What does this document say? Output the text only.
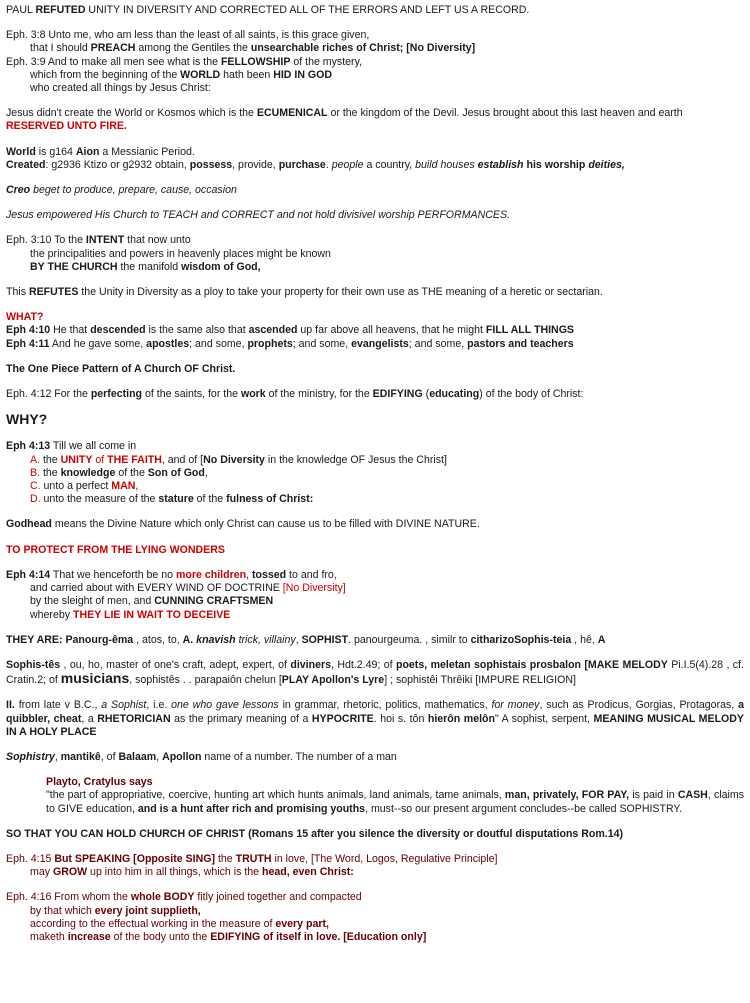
PAUL REFUTED UNITY IN DIVERSITY AND CORRECTED ALL OF THE ERRORS AND LEFT US A RECORD.

Eph. 3:8 Unto me, who am less than the least of all saints, is this grace given,

that I should PREACH among the Gentiles the unsearchable riches of Christ; [No Diversity]

Eph. 3:9 And to make all men see what is the FELLOWSHIP of the mystery,

which from the beginning of the WORLD hath been HID IN GOD

who created all things by Jesus Christ:

Jesus didn't create the World or Kosmos which is the ECUMENICAL or the kingdom of the Devil. Jesus brought about this last heaven and earth

RESERVED UNTO FIRE.

World is g164 Aion a Messianic Period.

Created: g2936 Ktizo or g2932 obtain, possess, provide, purchase. people a country, build houses establish his worship deities,

Creo beget to produce, prepare, cause, occasion

Jesus empowered His Church to TEACH and CORRECT and not hold divisivel worship PERFORMANCES.

Eph. 3:10 To the INTENT that now unto

the principalities and powers in heavenly places might be known

BY THE CHURCH the manifold wisdom of God,

This REFUTES the Unity in Diversity as a ploy to take your property for their own use as THE meaning of a heretic or sectarian.

WHAT?

Eph 4:10 He that descended is the same also that ascended up far above all heavens, that he might FILL ALL THINGS

Eph 4:11 And he gave some, apostles; and some, prophets; and some, evangelists; and some, pastors and teachers

The One Piece Pattern of A Church OF Christ.

Eph. 4:12 For the perfecting of the saints, for the work of the ministry, for the EDIFYING (educating) of the body of Christ:

WHY?

Eph 4:13 Till we all come in

A. the UNITY of THE FAITH, and of [No Diversity in the knowledge OF Jesus the Christ]

B. the knowledge of the Son of God,

C. unto a perfect MAN,

D. unto the measure of the stature of the fulness of Christ:

Godhead means the Divine Nature which only Christ can cause us to be filled with DIVINE NATURE.

TO PROTECT FROM THE LYING WONDERS

Eph 4:14 That we henceforth be no more children, tossed to and fro,

and carried about with EVERY WIND OF DOCTRINE [No Diversity]

by the sleight of men, and CUNNING CRAFTSMEN

whereby THEY LIE IN WAIT TO DECEIVE

THEY ARE: Panourg-êma , atos, to, A. knavish trick, villainy, SOPHIST. panourgeuma. , similr to citharizoSophis-teia , hê, A

Sophis-tês , ou, ho, master of one's craft, adept, expert, of diviners, Hdt.2.49; of poets, meletan sophistais prosbalon [MAKE MELODY Pi.I.5(4).28 , cf. Cratin.2; of musicians, sophistês . . parapaiôn chelun [PLAY Apollon's Lyre] ; sophistêi Thrêiki [IMPURE RELIGION]

II. from late v B.C., a Sophist, i.e. one who gave lessons in grammar, rhetoric, politics, mathematics, for money, such as Prodicus, Gorgias, Protagoras, a quibbler, cheat, a RHETORICIAN as the primary meaning of a HYPOCRITE. hoi s. tôn hierôn melôn" A sophist, serpent, MEANING MUSICAL MELODY IN A HOLY PLACE

Sophistry, mantikê, of Balaam, Apollon name of a number. The number of a man

Playto, Cratylus says

"the part of appropriative, coercive, hunting art which hunts animals, land animals, tame animals, man, privately, FOR PAY, is paid in CASH, claims to GIVE education, and is a hunt after rich and promising youths, must--so our present argument concludes--be called SOPHISTRY.

SO THAT YOU CAN HOLD CHURCH OF CHRIST (Romans 15 after you silence the diversity or doutful disputations Rom.14)

Eph. 4:15 But SPEAKING [Opposite SING] the TRUTH in love, [The Word, Logos, Regulative Principle]

may GROW up into him in all things, which is the head, even Christ:

Eph. 4:16 From whom the whole BODY fitly joined together and compacted

by that which every joint supplieth,

according to the effectual working in the measure of every part,

maketh increase of the body unto the EDIFYING of itself in love. [Education only]
